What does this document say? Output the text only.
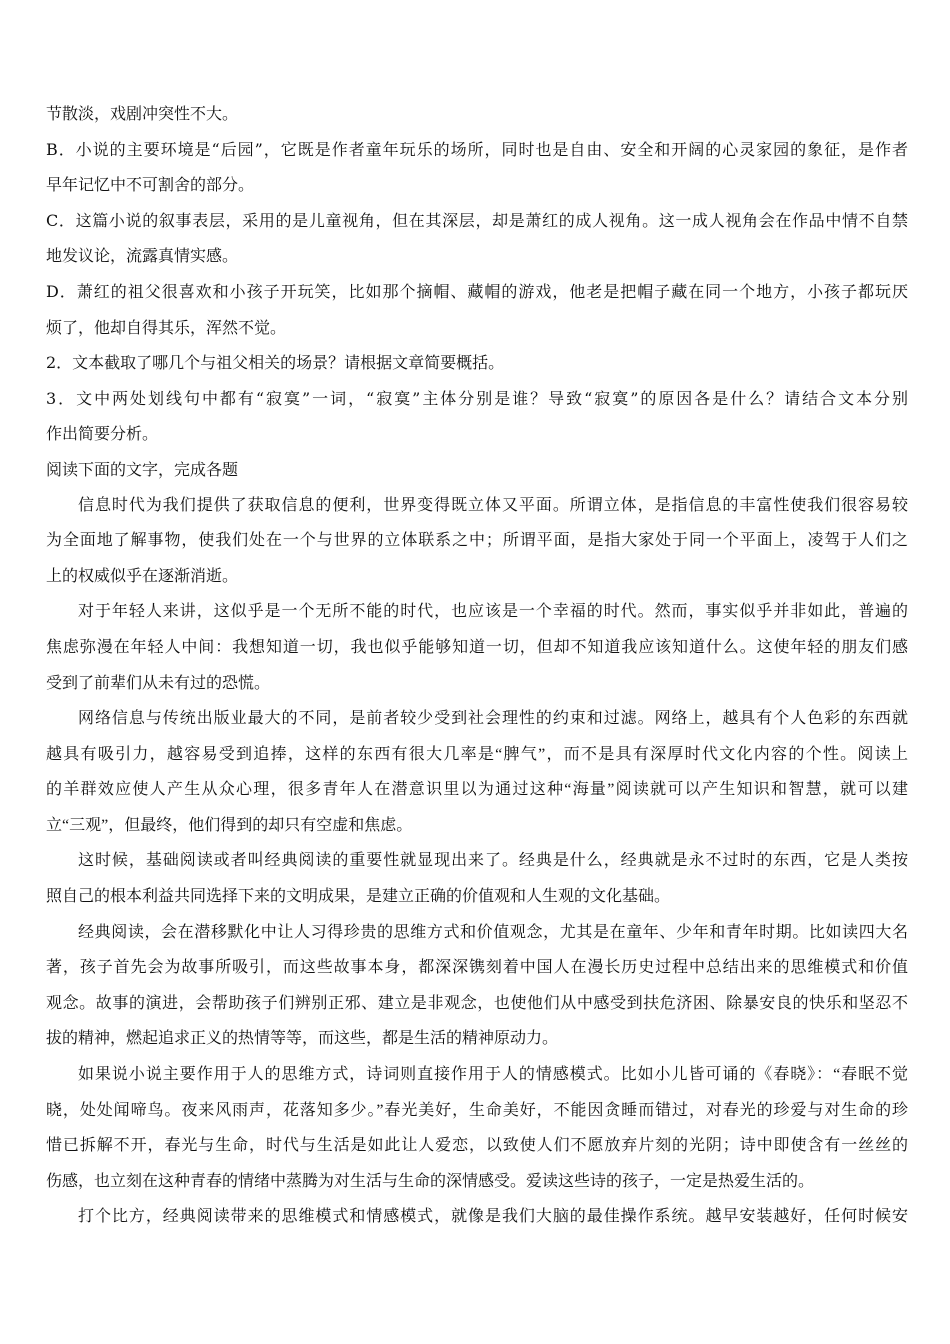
节散淡，戏剧冲突性不大。

B．小说的主要环境是“后园”，它既是作者童年玩乐的场所，同时也是自由、安全和开阔的心灵家园的象征，是作者

早年记忆中不可割舍的部分。

C．这篇小说的叙事表层，采用的是儿童视角，但在其深层，却是萧红的成人视角。这一成人视角会在作品中情不自禁

地发议论，流露真情实感。

D．萧红的祖父很喜欢和小孩子开玩笑，比如那个摘帽、藏帽的游戏，他老是把帽子藏在同一个地方，小孩子都玩厌

烦了，他却自得其乐，浑然不觉。

2．文本截取了哪几个与祖父相关的场景？请根据文章简要概括。

3．文中两处划线句中都有“寂寞”一词，“寂寞”主体分别是谁？导致“寂寞”的原因各是什么？请结合文本分别

作出简要分析。

阅读下面的文字，完成各题

信息时代为我们提供了获取信息的便利，世界变得既立体又平面。所谓立体，是指信息的丰富性使我们很容易较

为全面地了解事物，使我们处在一个与世界的立体联系之中；所谓平面，是指大家处于同一个平面上，凌驾于人们之

上的权威似乎在逐渐消逝。

对于年轻人来讲，这似乎是一个无所不能的时代，也应该是一个幸福的时代。然而，事实似乎并非如此，普遍的

焦虑弥漫在年轻人中间：我想知道一切，我也似乎能够知道一切，但却不知道我应该知道什么。这使年轻的朋友们感

受到了前辈们从未有过的恐慌。

网络信息与传统出版业最大的不同，是前者较少受到社会理性的约束和过滤。网络上，越具有个人色彩的东西就

越具有吸引力，越容易受到追捧，这样的东西有很大几率是“脾气”，而不是具有深厚时代文化内容的个性。阅读上

的羊群效应使人产生从众心理，很多青年人在潜意识里以为通过这种“海量”阅读就可以产生知识和智慧，就可以建

立“三观”，但最终，他们得到的却只有空虚和焦虑。

这时候，基础阅读或者叫经典阅读的重要性就显现出来了。经典是什么，经典就是永不过时的东西，它是人类按

照自己的根本利益共同选择下来的文明成果，是建立正确的价值观和人生观的文化基础。

经典阅读，会在潜移默化中让人习得珍贵的思维方式和价值观念，尤其是在童年、少年和青年时期。比如读四大名

著，孩子首先会为故事所吸引，而这些故事本身，都深深镌刻着中国人在漫长历史过程中总结出来的思维模式和价值

观念。故事的演进，会帮助孩子们辨别正邪、建立是非观念，也使他们从中感受到扶危济困、除暴安良的快乐和坚忍不

拔的精神，燃起追求正义的热情等等，而这些，都是生活的精神原动力。

如果说小说主要作用于人的思维方式，诗词则直接作用于人的情感模式。比如小儿皆可诵的《春晓》：“春眠不觉

晓，处处闻啼鸟。夜来风雨声，花落知多少。”春光美好，生命美好，不能因贪睡而错过，对春光的珍爱与对生命的珍

惜已拆解不开，春光与生命，时代与生活是如此让人爱恋，以致使人们不愿放弃片刻的光阴；诗中即使含有一丝丝的

伤感，也立刻在这种青春的情绪中蒸腾为对生活与生命的深情感受。爱读这些诗的孩子，一定是热爱生活的。

打个比方，经典阅读带来的思维模式和情感模式，就像是我们大脑的最佳操作系统。越早安装越好，任何时候安
